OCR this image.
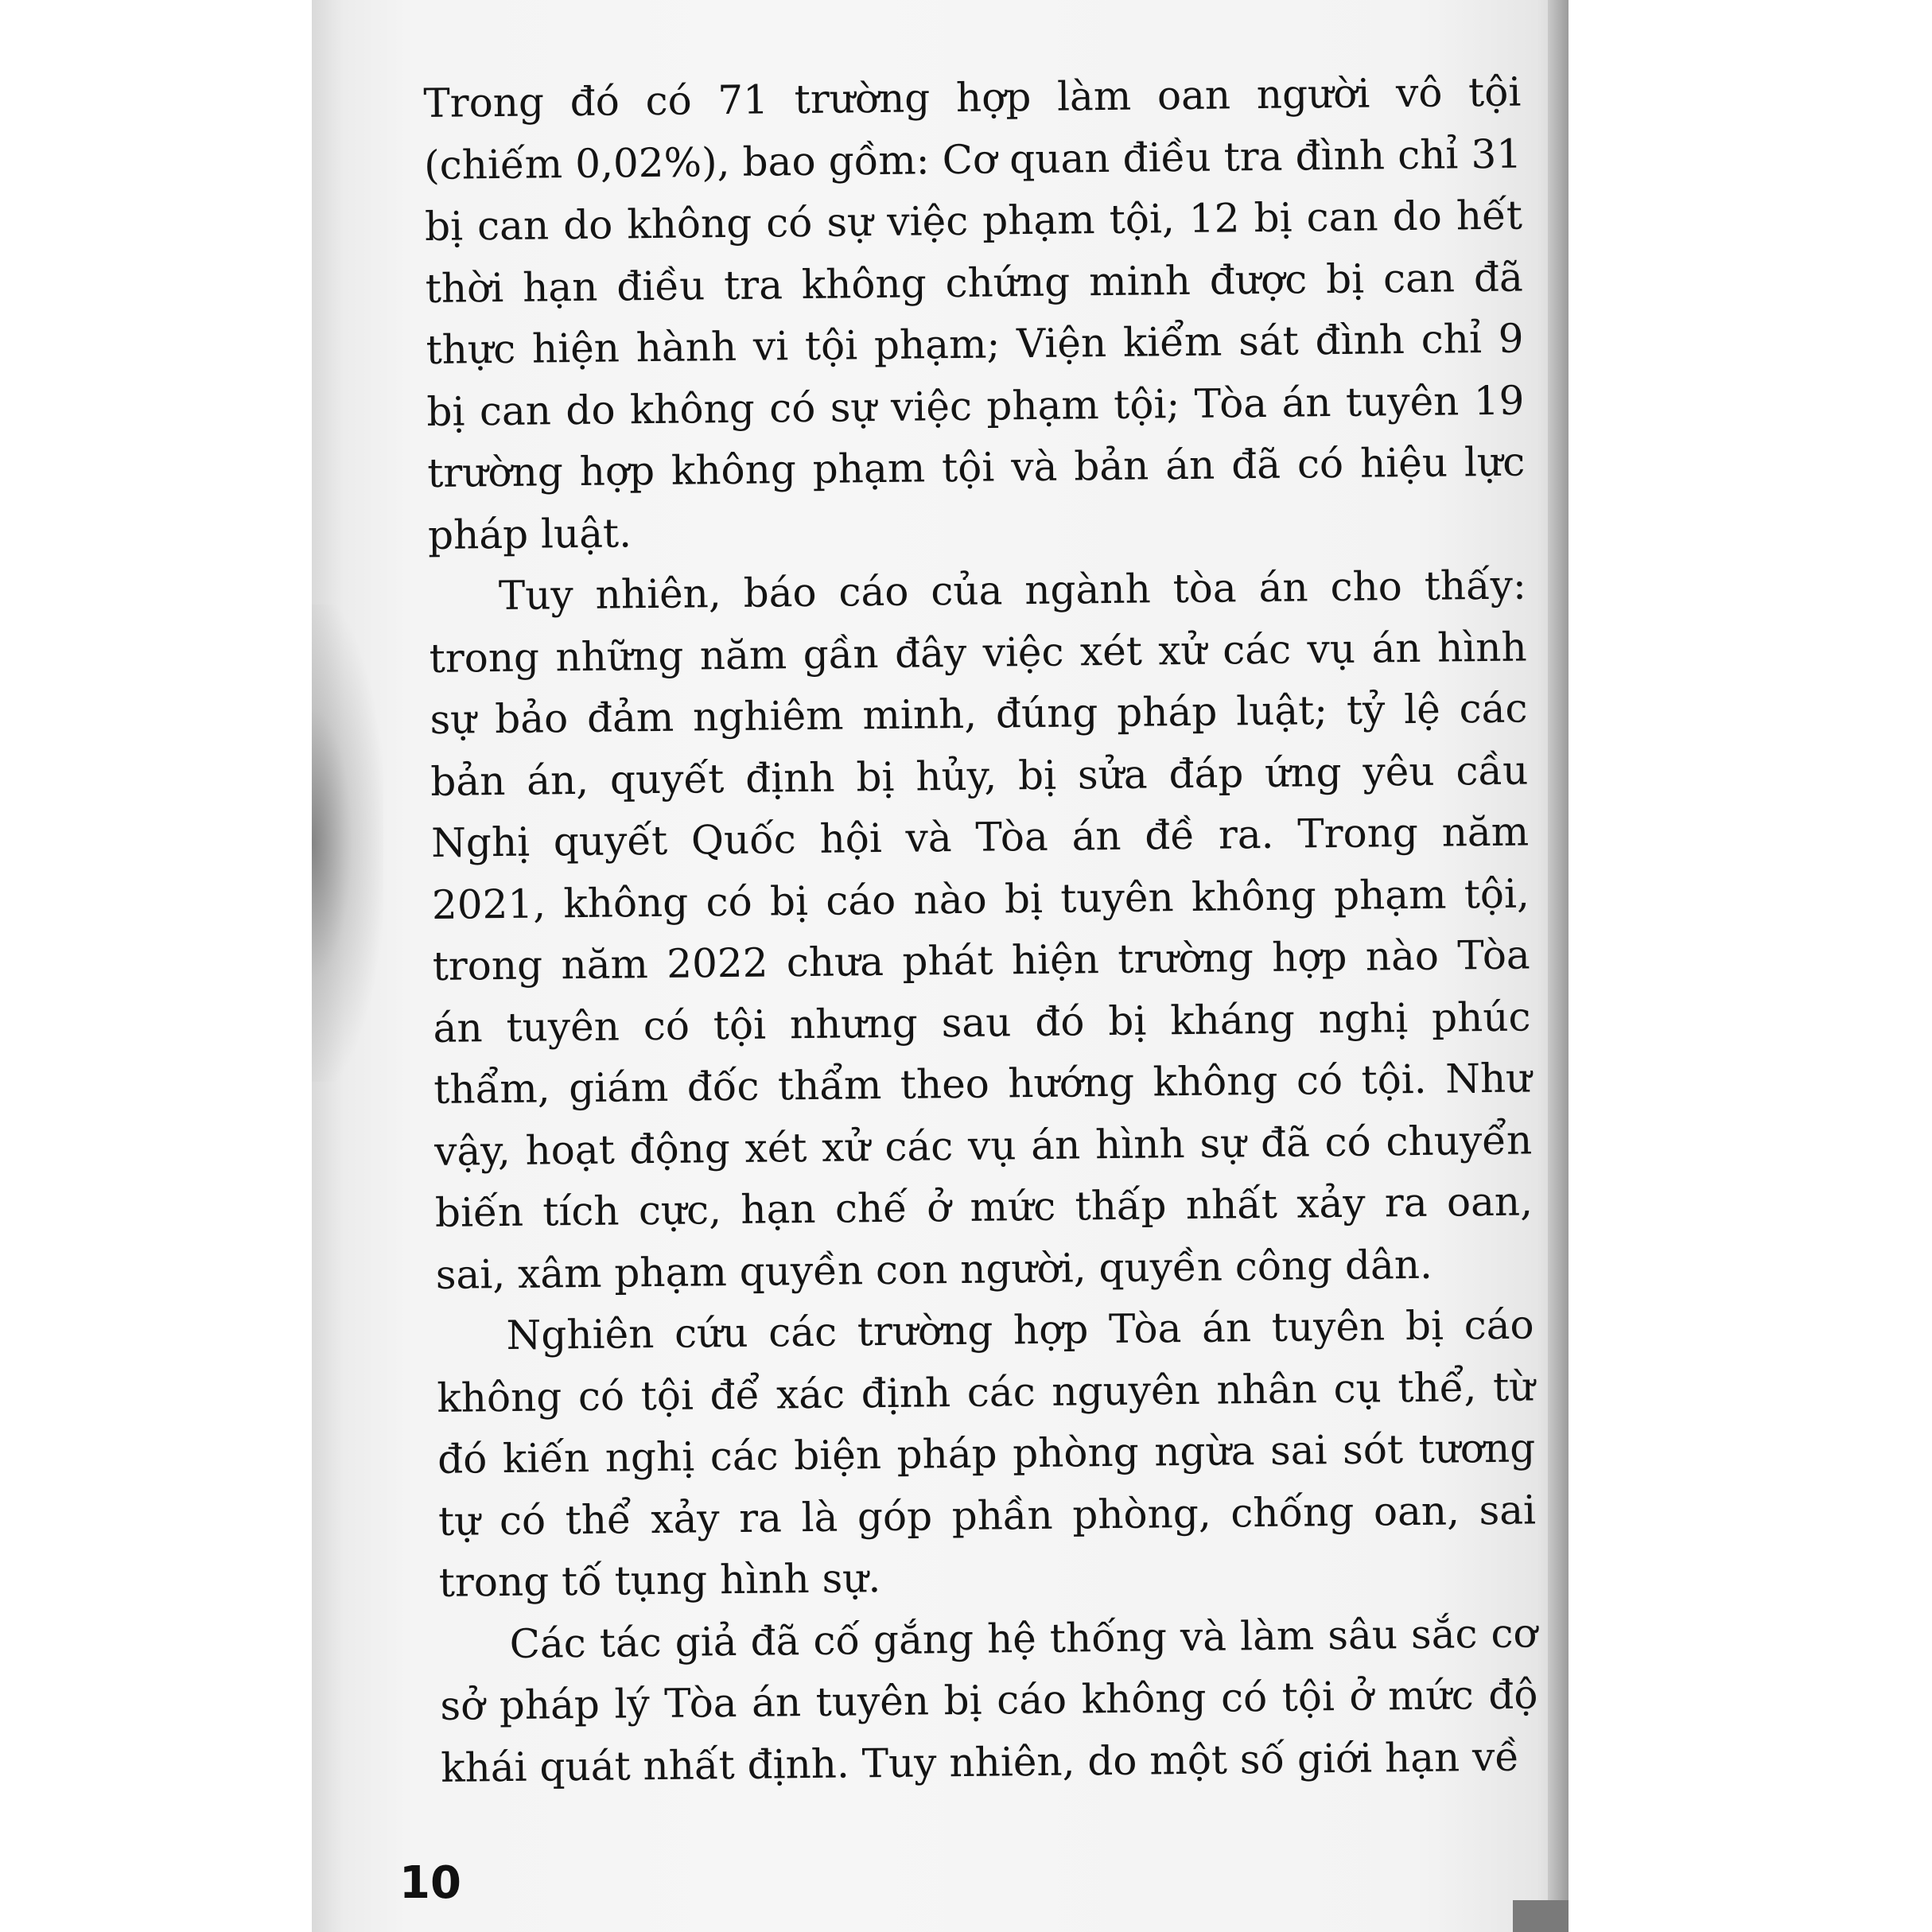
Trong đó có 71 trường hợp làm oan người vô tội (chiếm 0,02%), bao gồm: Cơ quan điều tra đình chỉ 31 bị can do không có sự việc phạm tội, 12 bị can do hết thời hạn điều tra không chứng minh được bị can đã thực hiện hành vi tội phạm; Viện kiểm sát đình chỉ 9 bị can do không có sự việc phạm tội; Tòa án tuyên 19 trường hợp không phạm tội và bản án đã có hiệu lực pháp luật.

Tuy nhiên, báo cáo của ngành tòa án cho thấy: trong những năm gần đây việc xét xử các vụ án hình sự bảo đảm nghiêm minh, đúng pháp luật; tỷ lệ các bản án, quyết định bị hủy, bị sửa đáp ứng yêu cầu Nghị quyết Quốc hội và Tòa án đề ra. Trong năm 2021, không có bị cáo nào bị tuyên không phạm tội, trong năm 2022 chưa phát hiện trường hợp nào Tòa án tuyên có tội nhưng sau đó bị kháng nghị phúc thẩm, giám đốc thẩm theo hướng không có tội. Như vậy, hoạt động xét xử các vụ án hình sự đã có chuyển biến tích cực, hạn chế ở mức thấp nhất xảy ra oan, sai, xâm phạm quyền con người, quyền công dân.

Nghiên cứu các trường hợp Tòa án tuyên bị cáo không có tội để xác định các nguyên nhân cụ thể, từ đó kiến nghị các biện pháp phòng ngừa sai sót tương tự có thể xảy ra là góp phần phòng, chống oan, sai trong tố tụng hình sự.

Các tác giả đã cố gắng hệ thống và làm sâu sắc cơ sở pháp lý Tòa án tuyên bị cáo không có tội ở mức độ khái quát nhất định. Tuy nhiên, do một số giới hạn về

10
